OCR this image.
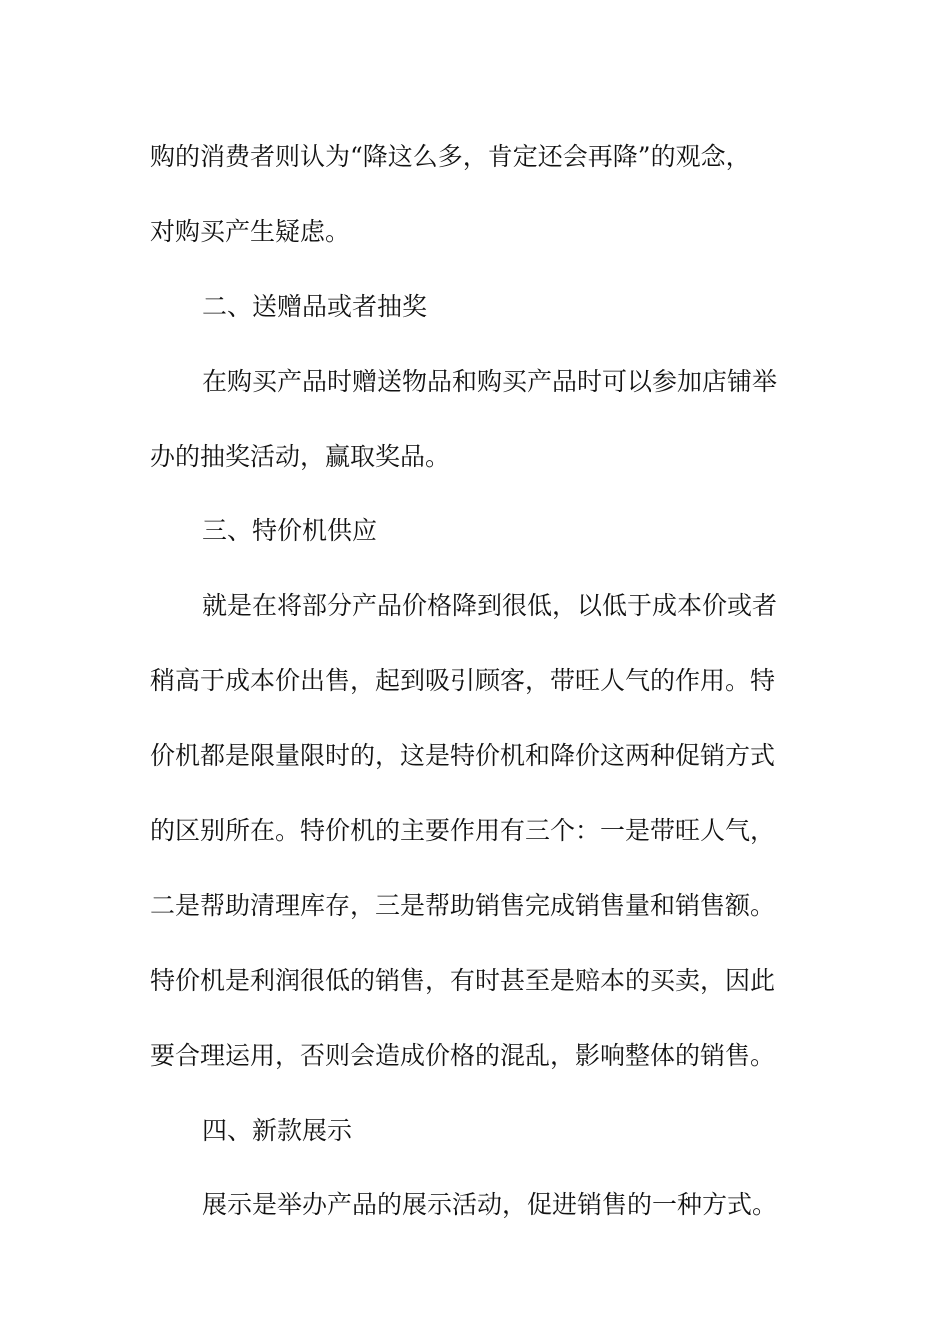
购的消费者则认为“降这么多，肯定还会再降”的观念，
对购买产生疑虑。
二、送赠品或者抽奖
在购买产品时赠送物品和购买产品时可以参加店铺举
办的抽奖活动，赢取奖品。
三、特价机供应
就是在将部分产品价格降到很低，以低于成本价或者
稍高于成本价出售，起到吸引顾客，带旺人气的作用。特
价机都是限量限时的，这是特价机和降价这两种促销方式
的区别所在。特价机的主要作用有三个：一是带旺人气，
二是帮助清理库存，三是帮助销售完成销售量和销售额。
特价机是利润很低的销售，有时甚至是赔本的买卖，因此
要合理运用，否则会造成价格的混乱，影响整体的销售。
四、新款展示
展示是举办产品的展示活动，促进销售的一种方式。
